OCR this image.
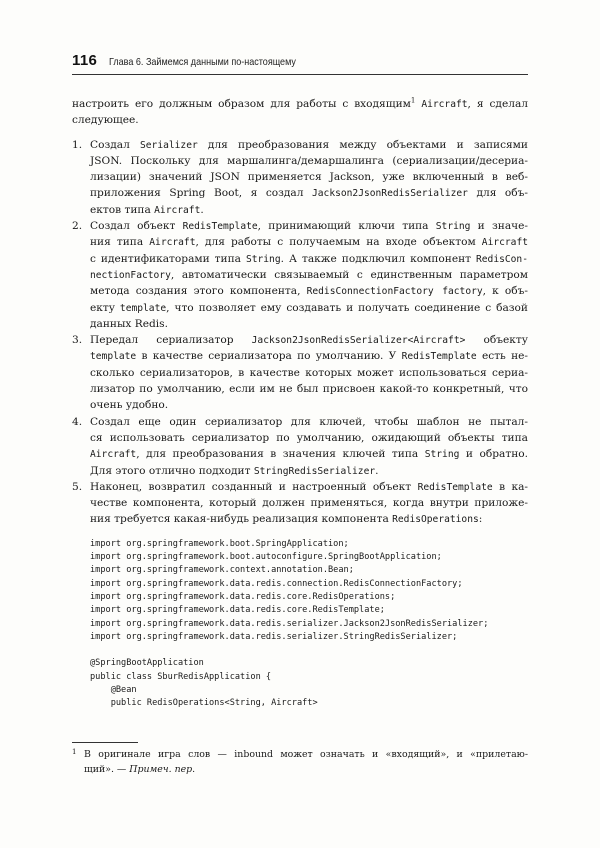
116 Глава 6. Займемся данными по-настоящему
настроить его должным образом для работы с входящим$^1$ Aircraft, я сделал
следующее.
1. Создал Serializer для преобразования между объектами и записями
JSON. Поскольку для маршалинга/демаршалинга (сериализации/десериа-
лизации) значений JSON применяется Jackson, уже включенный в веб-
приложения Spring Boot, я создал Jackson2JsonRedisSerializer для объ-
ектов типа Aircraft.
2. Создал объект RedisTemplate, принимающий ключи типа String и значе-
ния типа Aircraft, для работы с получаемым на входе объектом Aircraft
с идентификаторами типа String. А также подключил компонент RedisCon-
nectionFactory, автоматически связываемый с единственным параметром
метода создания этого компонента, RedisConnectionFactory factory, к объ-
екту template, что позволяет ему создавать и получать соединение с базой
данных Redis.
3. Передал сериализатор Jackson2JsonRedisSerializer<Aircraft> объекту
template в качестве сериализатора по умолчанию. У RedisTemplate есть не-
сколько сериализаторов, в качестве которых может использоваться сериа-
лизатор по умолчанию, если им не был присвоен какой-то конкретный, что
очень удобно.
4. Создал еще один сериализатор для ключей, чтобы шаблон не пытал-
ся использовать сериализатор по умолчанию, ожидающий объекты типа
Aircraft, для преобразования в значения ключей типа String и обратно.
Для этого отлично подходит StringRedisSerializer.
5. Наконец, возвратил созданный и настроенный объект RedisTemplate в ка-
честве компонента, который должен применяться, когда внутри приложе-
ния требуется какая-нибудь реализация компонента RedisOperations:
import org.springframework.boot.SpringApplication;
import org.springframework.boot.autoconfigure.SpringBootApplication;
import org.springframework.context.annotation.Bean;
import org.springframework.data.redis.connection.RedisConnectionFactory;
import org.springframework.data.redis.core.RedisOperations;
import org.springframework.data.redis.core.RedisTemplate;
import org.springframework.data.redis.serializer.Jackson2JsonRedisSerializer;
import org.springframework.data.redis.serializer.StringRedisSerializer;
@SpringBootApplication
public class SburRedisApplication {
@Bean
public RedisOperations<String, Aircraft>
1 В оригинале игра слов — inbound может означать и «входящий», и «прилетаю-
щий». — Примеч. пер.
